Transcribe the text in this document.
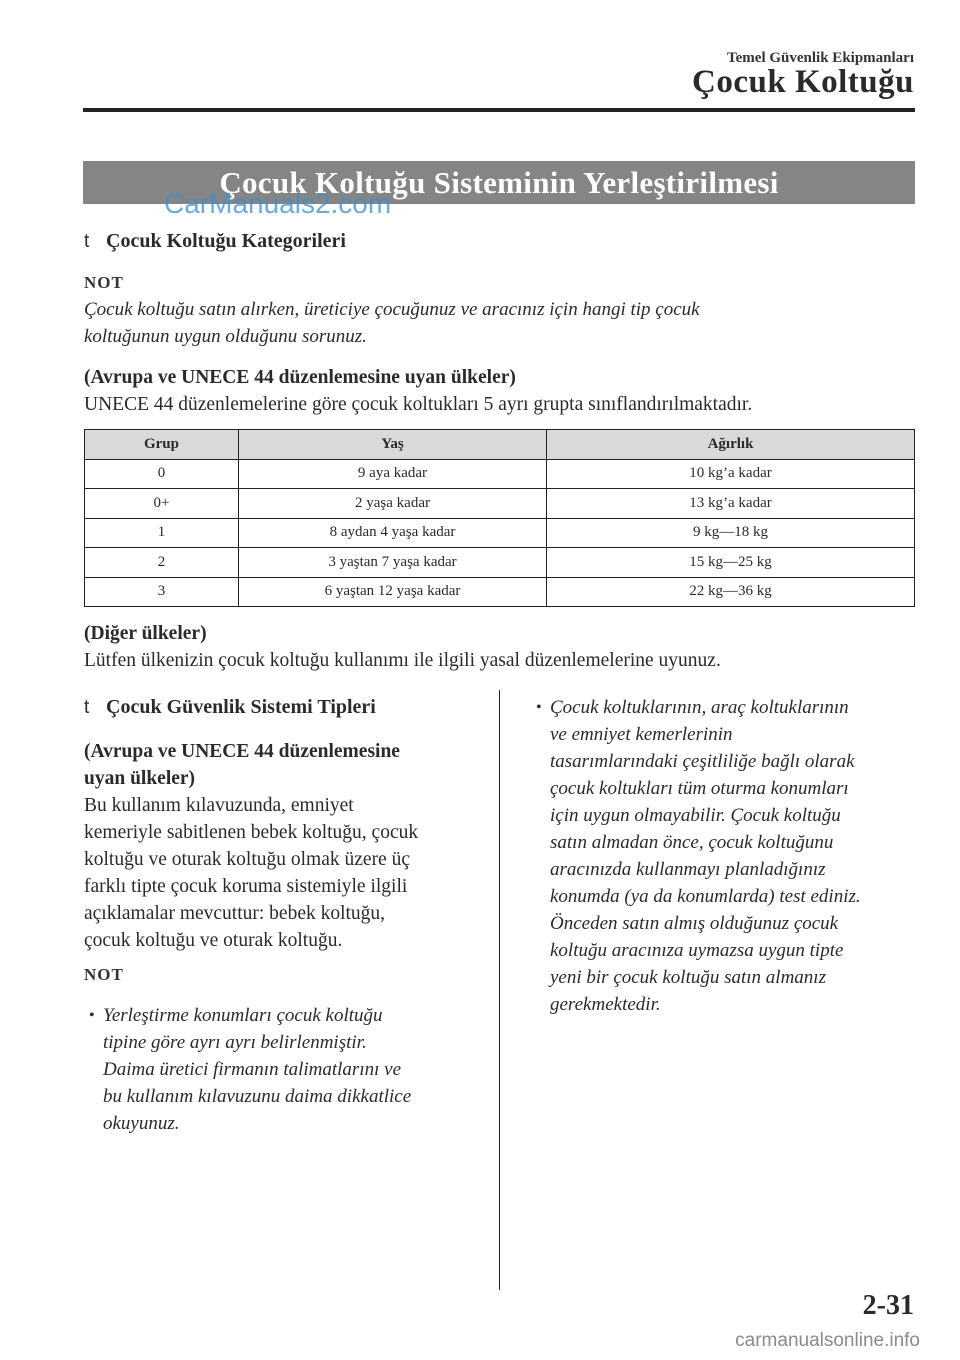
Temel Güvenlik Ekipmanları
Çocuk Koltuğu
Çocuk Koltuğu Sisteminin Yerleştirilmesi
CarManuals2.com
t Çocuk Koltuğu Kategorileri
NOT
Çocuk koltuğu satın alırken, üreticiye çocuğunuz ve aracınız için hangi tip çocuk
koltuğunun uygun olduğunu sorunuz.
(Avrupa ve UNECE 44 düzenlemesine uyan ülkeler)
UNECE 44 düzenlemelerine göre çocuk koltukları 5 ayrı grupta sınıflandırılmaktadır.
Grup	Yaş	Ağırlık
0	9 aya kadar	10 kg’a kadar
0+	2 yaşa kadar	13 kg’a kadar
1	8 aydan 4 yaşa kadar	9 kg—18 kg
2	3 yaştan 7 yaşa kadar	15 kg—25 kg
3	6 yaştan 12 yaşa kadar	22 kg—36 kg
(Diğer ülkeler)
Lütfen ülkenizin çocuk koltuğu kullanımı ile ilgili yasal düzenlemelerine uyunuz.
t Çocuk Güvenlik Sistemi Tipleri
(Avrupa ve UNECE 44 düzenlemesine
uyan ülkeler)
Bu kullanım kılavuzunda, emniyet
kemeriyle sabitlenen bebek koltuğu, çocuk
koltuğu ve oturak koltuğu olmak üzere üç
farklı tipte çocuk koruma sistemiyle ilgili
açıklamalar mevcuttur: bebek koltuğu,
çocuk koltuğu ve oturak koltuğu.
NOT
• Yerleştirme konumları çocuk koltuğu
tipine göre ayrı ayrı belirlenmiştir.
Daima üretici firmanın talimatlarını ve
bu kullanım kılavuzunu daima dikkatlice
okuyunuz.
• Çocuk koltuklarının, araç koltuklarının
ve emniyet kemerlerinin
tasarımlarındaki çeşitliliğe bağlı olarak
çocuk koltukları tüm oturma konumları
için uygun olmayabilir. Çocuk koltuğu
satın almadan önce, çocuk koltuğunu
aracınızda kullanmayı planladığınız
konumda (ya da konumlarda) test ediniz.
Önceden satın almış olduğunuz çocuk
koltuğu aracınıza uymazsa uygun tipte
yeni bir çocuk koltuğu satın almanız
gerekmektedir.
2-31
carmanualsonline.info
